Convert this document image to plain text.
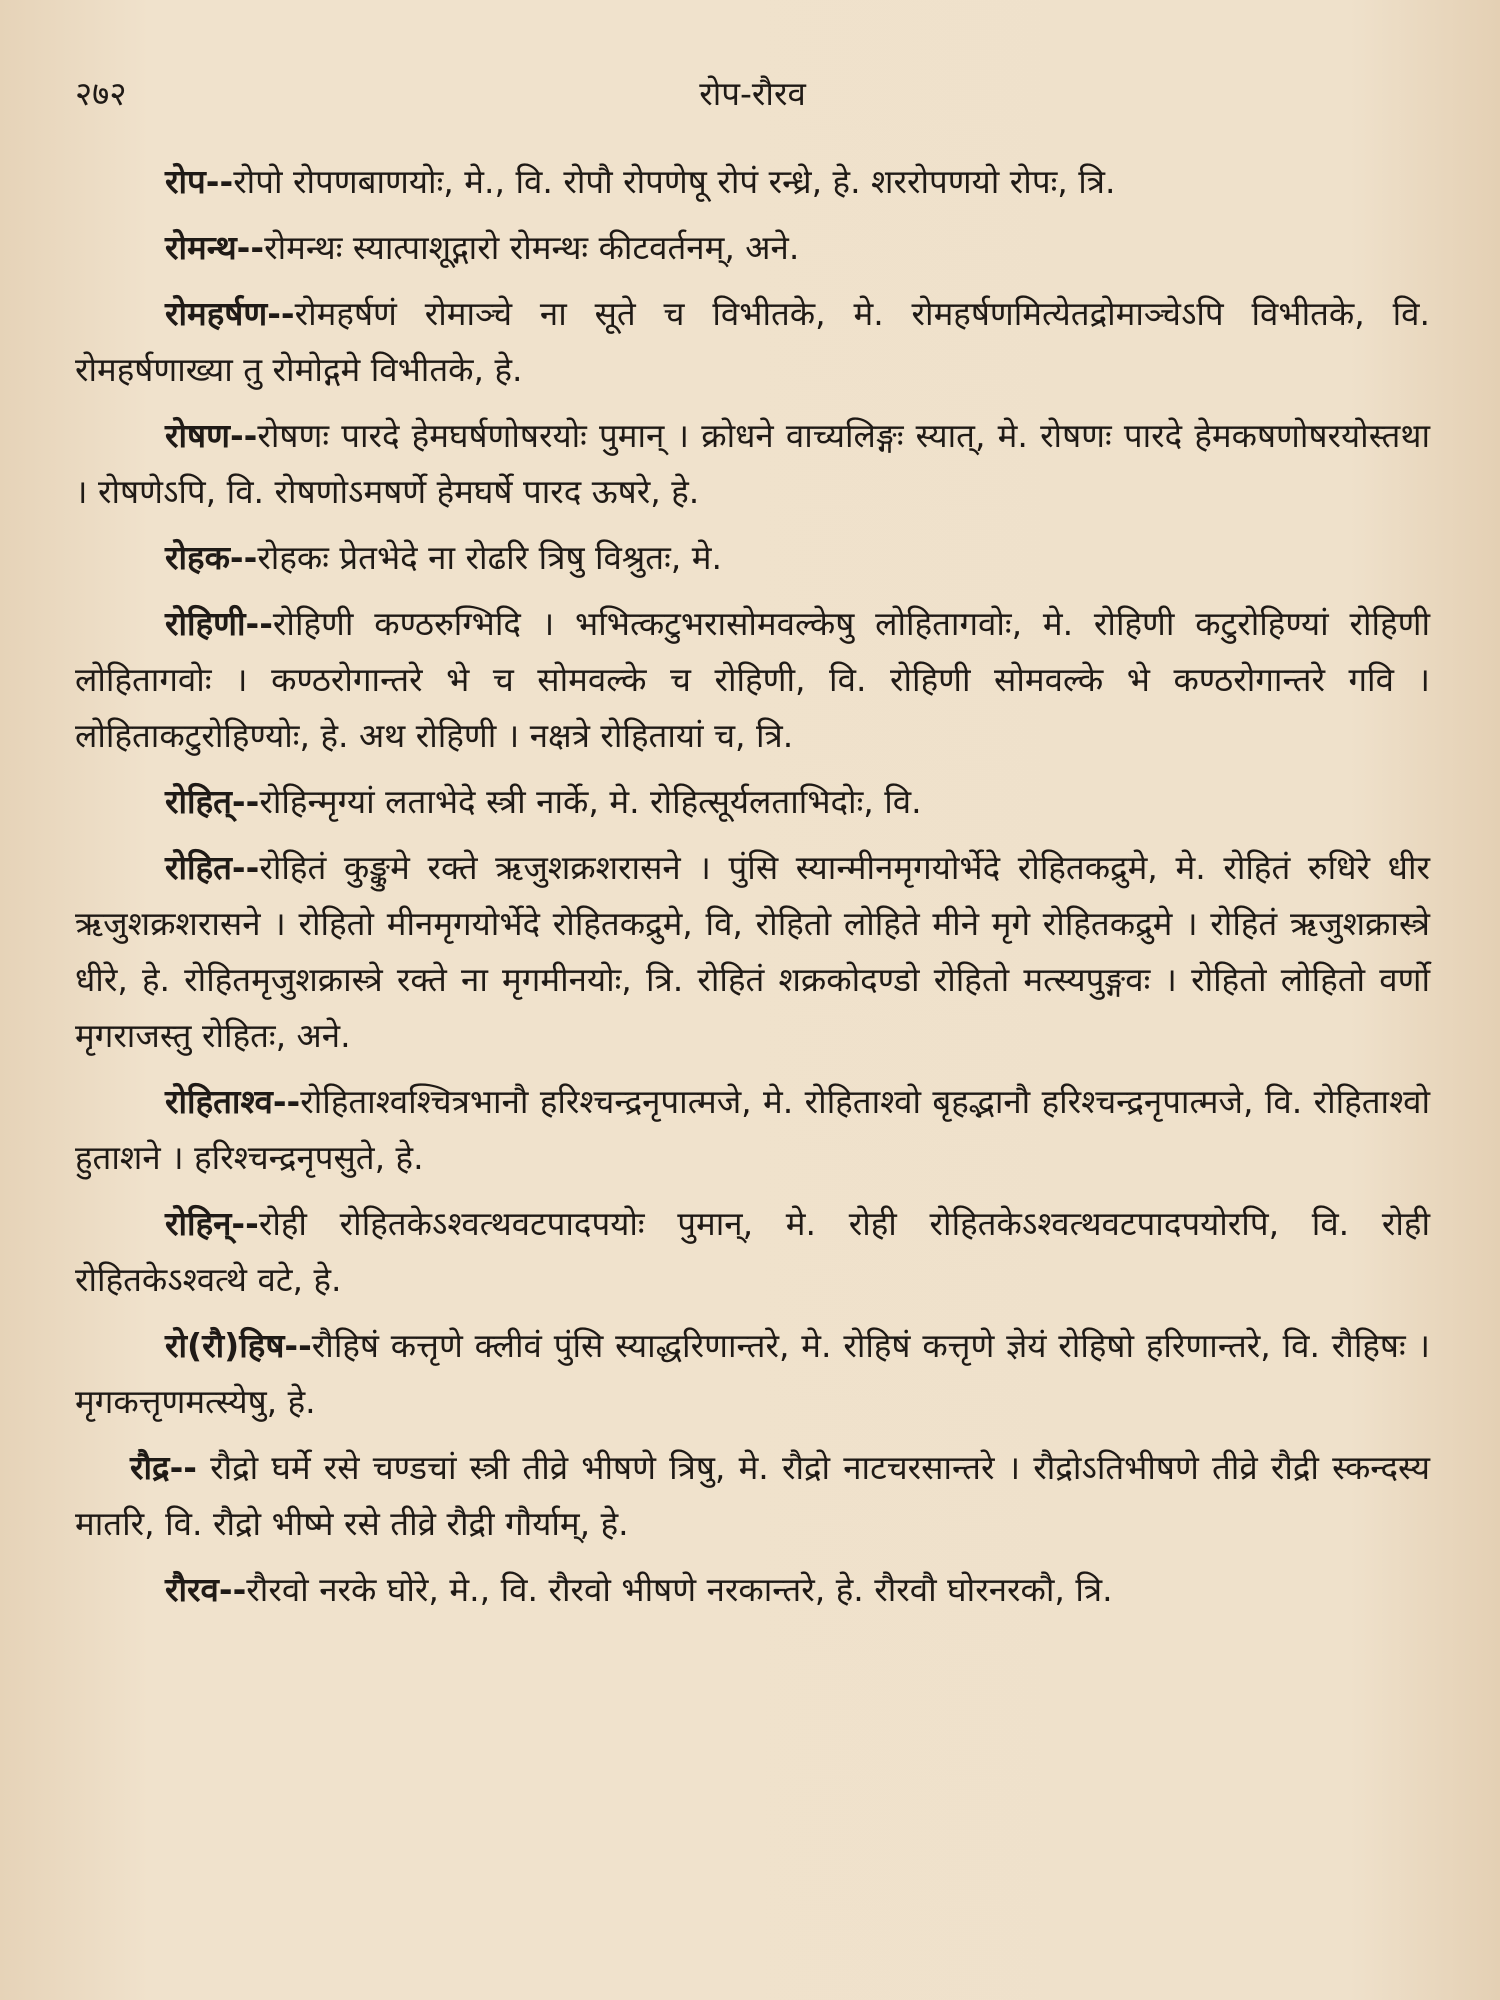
२७२	रोप-रौरव

रोप--रोपो रोपणबाणयोः, मे., वि. रोपौ रोपणेषू रोपं रन्ध्रे, हे. शररोपणयो रोपः, त्रि.

रोमन्थ--रोमन्थः स्यात्पाशूद्गारो रोमन्थः कीटवर्तनम्, अने.

रोमहर्षण--रोमहर्षणं रोमाञ्चे ना सूते च विभीतके, मे. रोमहर्षणमित्येतद्रोमाञ्चेऽपि विभीतके, वि. रोमहर्षणाख्या तु रोमोद्गमे विभीतके, हे.

रोषण--रोषणः पारदे हेमघर्षणोषरयोः पुमान् । क्रोधने वाच्यलिङ्गः स्यात्, मे. रोषणः पारदे हेमकषणोषरयोस्तथा । रोषणेऽपि, वि. रोषणोऽमषर्णे हेमघर्षे पारद ऊषरे, हे.

रोहक--रोहकः प्रेतभेदे ना रोढरि त्रिषु विश्रुतः, मे.

रोहिणी--रोहिणी कण्ठरुग्भिदि । भभित्कटुभरासोमवल्केषु लोहितागवोः, मे. रोहिणी कटुरोहिण्यां रोहिणी लोहितागवोः । कण्ठरोगान्तरे भे च सोमवल्के च रोहिणी, वि. रोहिणी सोमवल्के भे कण्ठरोगान्तरे गवि । लोहिताकटुरोहिण्योः, हे. अथ रोहिणी । नक्षत्रे रोहितायां च, त्रि.

रोहित्--रोहिन्मृग्यां लताभेदे स्त्री नार्के, मे. रोहित्सूर्यलताभिदोः, वि.

रोहित--रोहितं कुङ्कुमे रक्ते ऋजुशक्रशरासने । पुंसि स्यान्मीनमृगयोर्भेदे रोहितकद्रुमे, मे. रोहितं रुधिरे धीर ऋजुशक्रशरासने । रोहितो मीनमृगयोर्भेदे रोहितकद्रुमे, वि, रोहितो लोहिते मीने मृगे रोहितकद्रुमे । रोहितं ऋजुशक्रास्त्रे धीरे, हे. रोहितमृजुशक्रास्त्रे रक्ते ना मृगमीनयोः, त्रि. रोहितं शक्रकोदण्डो रोहितो मत्स्यपुङ्गवः । रोहितो लोहितो वर्णो मृगराजस्तु रोहितः, अने.

रोहिताश्व--रोहिताश्वश्चित्रभानौ हरिश्चन्द्रनृपात्मजे, मे. रोहिताश्वो बृहद्भानौ हरिश्चन्द्रनृपात्मजे, वि. रोहिताश्वो हुताशने । हरिश्चन्द्रनृपसुते, हे.

रोहिन्--रोही रोहितकेऽश्वत्थवटपादपयोः पुमान्, मे. रोही रोहितकेऽश्वत्थवटपादपयोरपि, वि. रोही रोहितकेऽश्वत्थे वटे, हे.

रो(रौ)हिष--रौहिषं कत्तृणे क्लीवं पुंसि स्याद्धरिणान्तरे, मे. रोहिषं कत्तृणे ज्ञेयं रोहिषो हरिणान्तरे, वि. रौहिषः । मृगकत्तृणमत्स्येषु, हे.

रौद्र-- रौद्रो घर्मे रसे चण्डचां स्त्री तीव्रे भीषणे त्रिषु, मे. रौद्रो नाटचरसान्तरे । रौद्रोऽतिभीषणे तीव्रे रौद्री स्कन्दस्य मातरि, वि. रौद्रो भीष्मे रसे तीव्रे रौद्री गौर्याम्, हे.

रौरव--रौरवो नरके घोरे, मे., वि. रौरवो भीषणे नरकान्तरे, हे. रौरवौ घोरनरकौ, त्रि.
